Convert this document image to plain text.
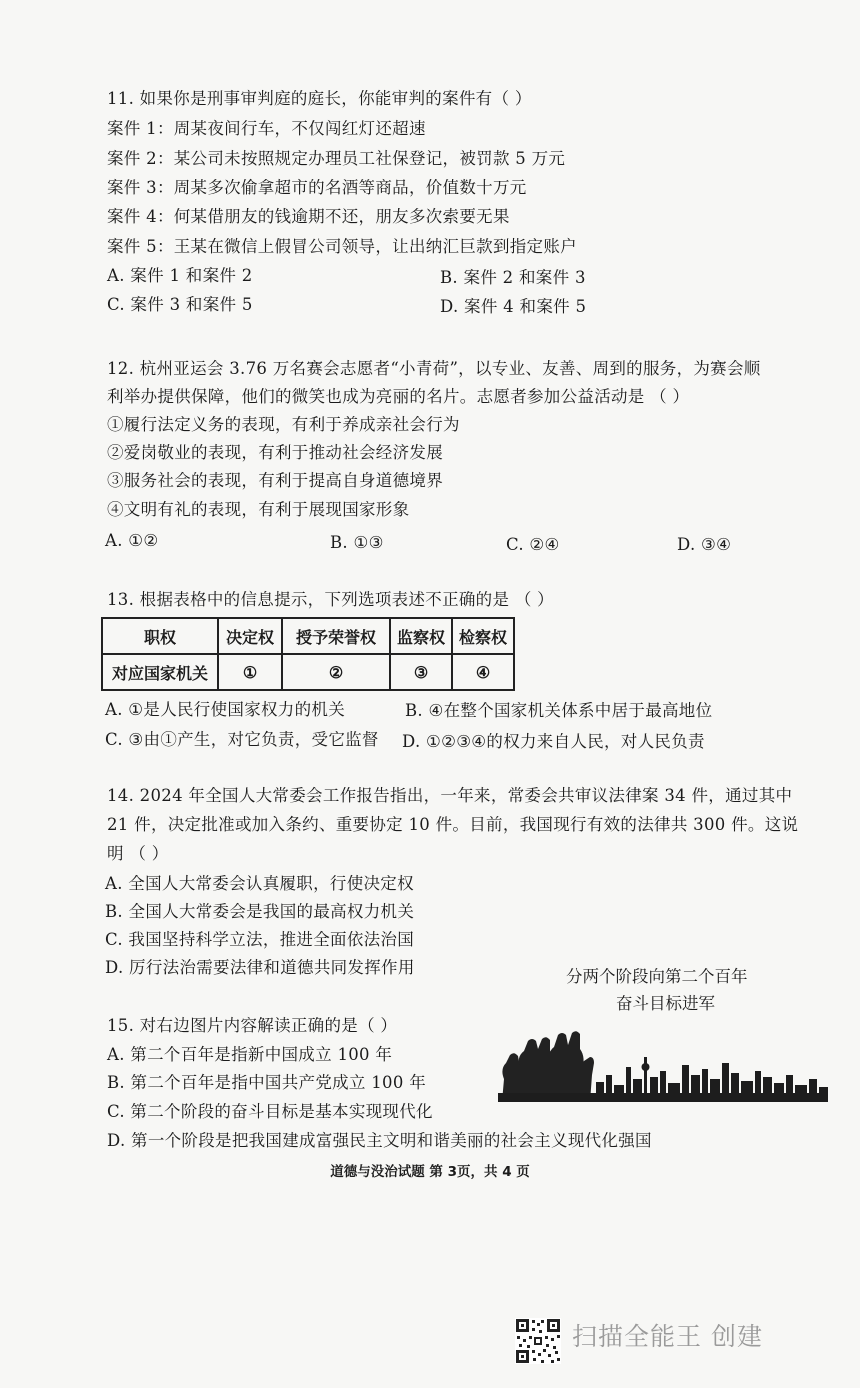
11. 如果你是刑事审判庭的庭长，你能审判的案件有（ ）
案件 1：周某夜间行车，不仅闯红灯还超速
案件 2：某公司未按照规定办理员工社保登记，被罚款 5 万元
案件 3：周某多次偷拿超市的名酒等商品，价值数十万元
案件 4：何某借朋友的钱逾期不还，朋友多次索要无果
案件 5：王某在微信上假冒公司领导，让出纳汇巨款到指定账户
A. 案件 1 和案件 2	B. 案件 2 和案件 3
C. 案件 3 和案件 5	D. 案件 4 和案件 5
12. 杭州亚运会 3.76 万名赛会志愿者“小青荷”，以专业、友善、周到的服务，为赛会顺
利举办提供保障，他们的微笑也成为亮丽的名片。志愿者参加公益活动是 （ ）
①履行法定义务的表现，有利于养成亲社会行为
②爱岗敬业的表现，有利于推动社会经济发展
③服务社会的表现，有利于提高自身道德境界
④文明有礼的表现，有利于展现国家形象
A. ①②	B. ①③	C. ②④	D. ③④
13. 根据表格中的信息提示，下列选项表述不正确的是 （ ）
职权	决定权	授予荣誉权	监察权	检察权
对应国家机关	①	②	③	④
A. ①是人民行使国家权力的机关	B. ④在整个国家机关体系中居于最高地位
C. ③由①产生，对它负责，受它监督 D. ①②③④的权力来自人民，对人民负责
14. 2024 年全国人大常委会工作报告指出，一年来，常委会共审议法律案 34 件，通过其中
21 件，决定批准或加入条约、重要协定 10 件。目前，我国现行有效的法律共 300 件。这说
明 （ ）
A. 全国人大常委会认真履职，行使决定权
B. 全国人大常委会是我国的最高权力机关
C. 我国坚持科学立法，推进全面依法治国
D. 厉行法治需要法律和道德共同发挥作用	分两个阶段向第二个百年
奋斗目标进军
15. 对右边图片内容解读正确的是（ ）
A. 第二个百年是指新中国成立 100 年
B. 第二个百年是指中国共产党成立 100 年
C. 第二个阶段的奋斗目标是基本实现现代化
D. 第一个阶段是把我国建成富强民主文明和谐美丽的社会主义现代化强国
道德与没治试题 第 3页，共 4 页
扫描全能王 创建
